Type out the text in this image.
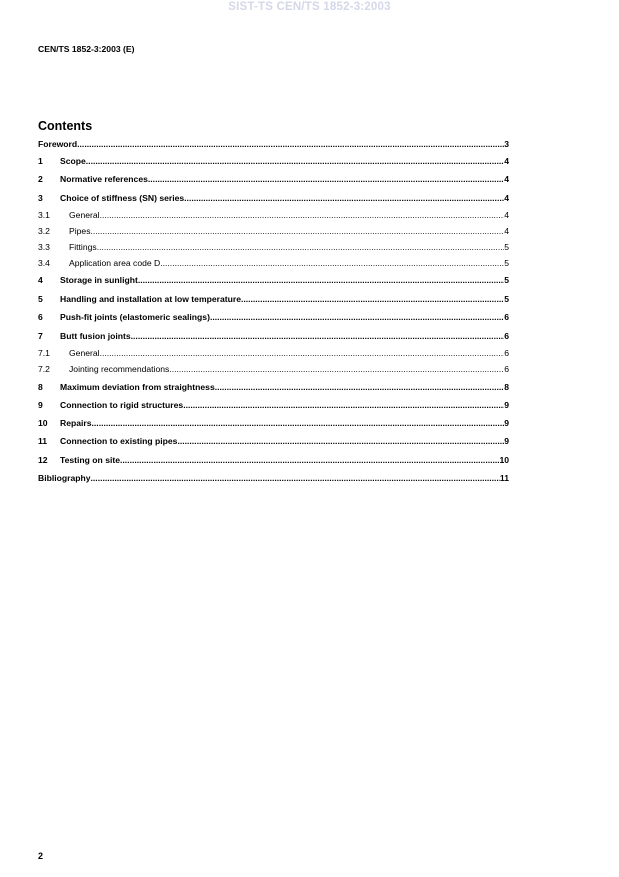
SIST-TS CEN/TS 1852-3:2003
CEN/TS 1852-3:2003 (E)
Contents
Foreword .....	3
1	Scope .....	4
2	Normative references .....	4
3	Choice of stiffness (SN) series .....	4
3.1	General .....	4
3.2	Pipes .....	4
3.3	Fittings .....	5
3.4	Application area code D .....	5
4	Storage in sunlight .....	5
5	Handling and installation at low temperature .....	5
6	Push-fit joints (elastomeric sealings) .....	6
7	Butt fusion joints .....	6
7.1	General .....	6
7.2	Jointing recommendations .....	6
8	Maximum deviation from straightness .....	8
9	Connection to rigid structures .....	9
10	Repairs .....	9
11	Connection to existing pipes .....	9
12	Testing on site .....	10
Bibliography .....	11
2
